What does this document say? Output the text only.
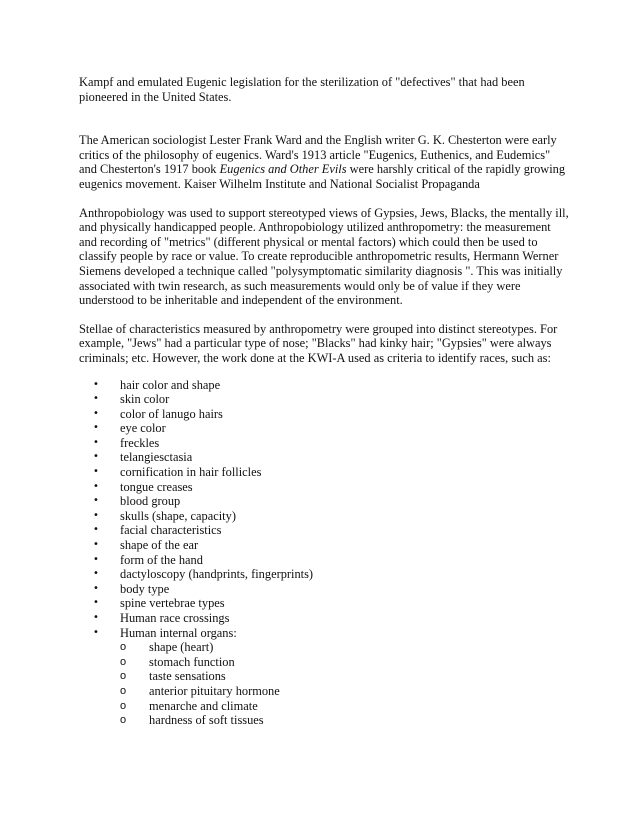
Kampf and emulated Eugenic legislation for the sterilization of "defectives" that had been pioneered in the United States.

The American sociologist Lester Frank Ward and the English writer G. K. Chesterton were early critics of the philosophy of eugenics. Ward's 1913 article "Eugenics, Euthenics, and Eudemics" and Chesterton's 1917 book Eugenics and Other Evils were harshly critical of the rapidly growing eugenics movement. Kaiser Wilhelm Institute and National Socialist Propaganda

Anthropobiology was used to support stereotyped views of Gypsies, Jews, Blacks, the mentally ill, and physically handicapped people. Anthropobiology utilized anthropometry: the measurement and recording of "metrics" (different physical or mental factors) which could then be used to classify people by race or value. To create reproducible anthropometric results, Hermann Werner Siemens developed a technique called "polysymptomatic similarity diagnosis ". This was initially associated with twin research, as such measurements would only be of value if they were understood to be inheritable and independent of the environment.

Stellae of characteristics measured by anthropometry were grouped into distinct stereotypes. For example, "Jews" had a particular type of nose; "Blacks" had kinky hair; "Gypsies" were always criminals; etc. However, the work done at the KWI-A used as criteria to identify races, such as:

• hair color and shape
• skin color
• color of lanugo hairs
• eye color
• freckles
• telangiesctasia
• cornification in hair follicles
• tongue creases
• blood group
• skulls (shape, capacity)
• facial characteristics
• shape of the ear
• form of the hand
• dactyloscopy (handprints, fingerprints)
• body type
• spine vertebrae types
• Human race crossings
• Human internal organs:
o shape (heart)
o stomach function
o taste sensations
o anterior pituitary hormone
o menarche and climate
o hardness of soft tissues
